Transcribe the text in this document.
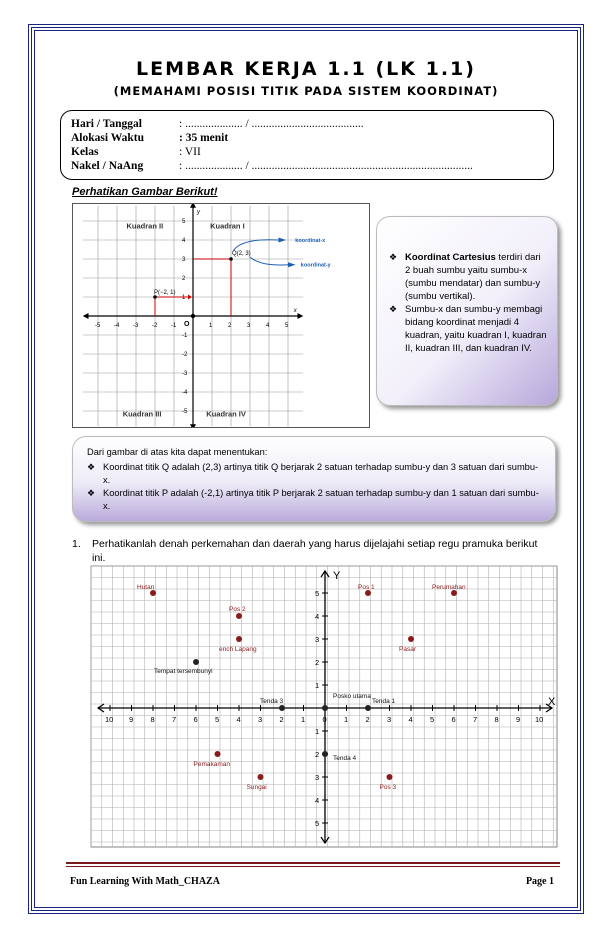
LEMBAR KERJA 1.1 (LK 1.1)
(MEMAHAMI POSISI TITIK PADA SISTEM KOORDINAT)
Hari / Tanggal	: .................... / .......................................
Alokasi Waktu	: 35 menit
Kelas	: VII
Nakel / NaAng	: .................... / .............................................................................
Perhatikan Gambar Berikut!
x
y
-5 -4 -3 -2 -1	1	2	3	4	5
5
4
3
2
1
-1
-2
-3
-4
-5
O
Kuadran II	Kuadran I
Kuadran III	Kuadran IV
Q(2, 3)
P(−2, 1)
koordinat-x
koordinat-y
❖ Koordinat Cartesius terdiri dari 2 buah sumbu yaitu sumbu-x (sumbu mendatar) dan sumbu-y (sumbu vertikal).
❖ Sumbu-x dan sumbu-y membagi bidang koordinat menjadi 4 kuadran, yaitu kuadran I, kuadran II, kuadran III, dan kuadran IV.
Dari gambar di atas kita dapat menentukan:
❖ Koordinat titik Q adalah (2,3) artinya titik Q berjarak 2 satuan terhadap sumbu-y dan 3 satuan dari sumbu-x.
❖ Koordinat titik P adalah (-2,1) artinya titik P berjarak 2 satuan terhadap sumbu-y dan 1 satuan dari sumbu-x.
1. Perhatikanlah denah perkemahan dan daerah yang harus dijelajahi setiap regu pramuka berikut ini.
X
Y
10 9 8 7 6 5 4 3 2 1 0 1 2 3 4 5 6 7 8 9 10
5
4
3
2
1
1
2
3
4
5
Hutan	Pos 1	Perumahan
Pos 2
ench Lapang	Pasar
Tempat tersembunyi
Tenda 3	Tenda 1
Posko utama
Tenda 4
Pemakaman
Sungai	Pos 3
Fun Learning With Math_CHAZA	Page 1
